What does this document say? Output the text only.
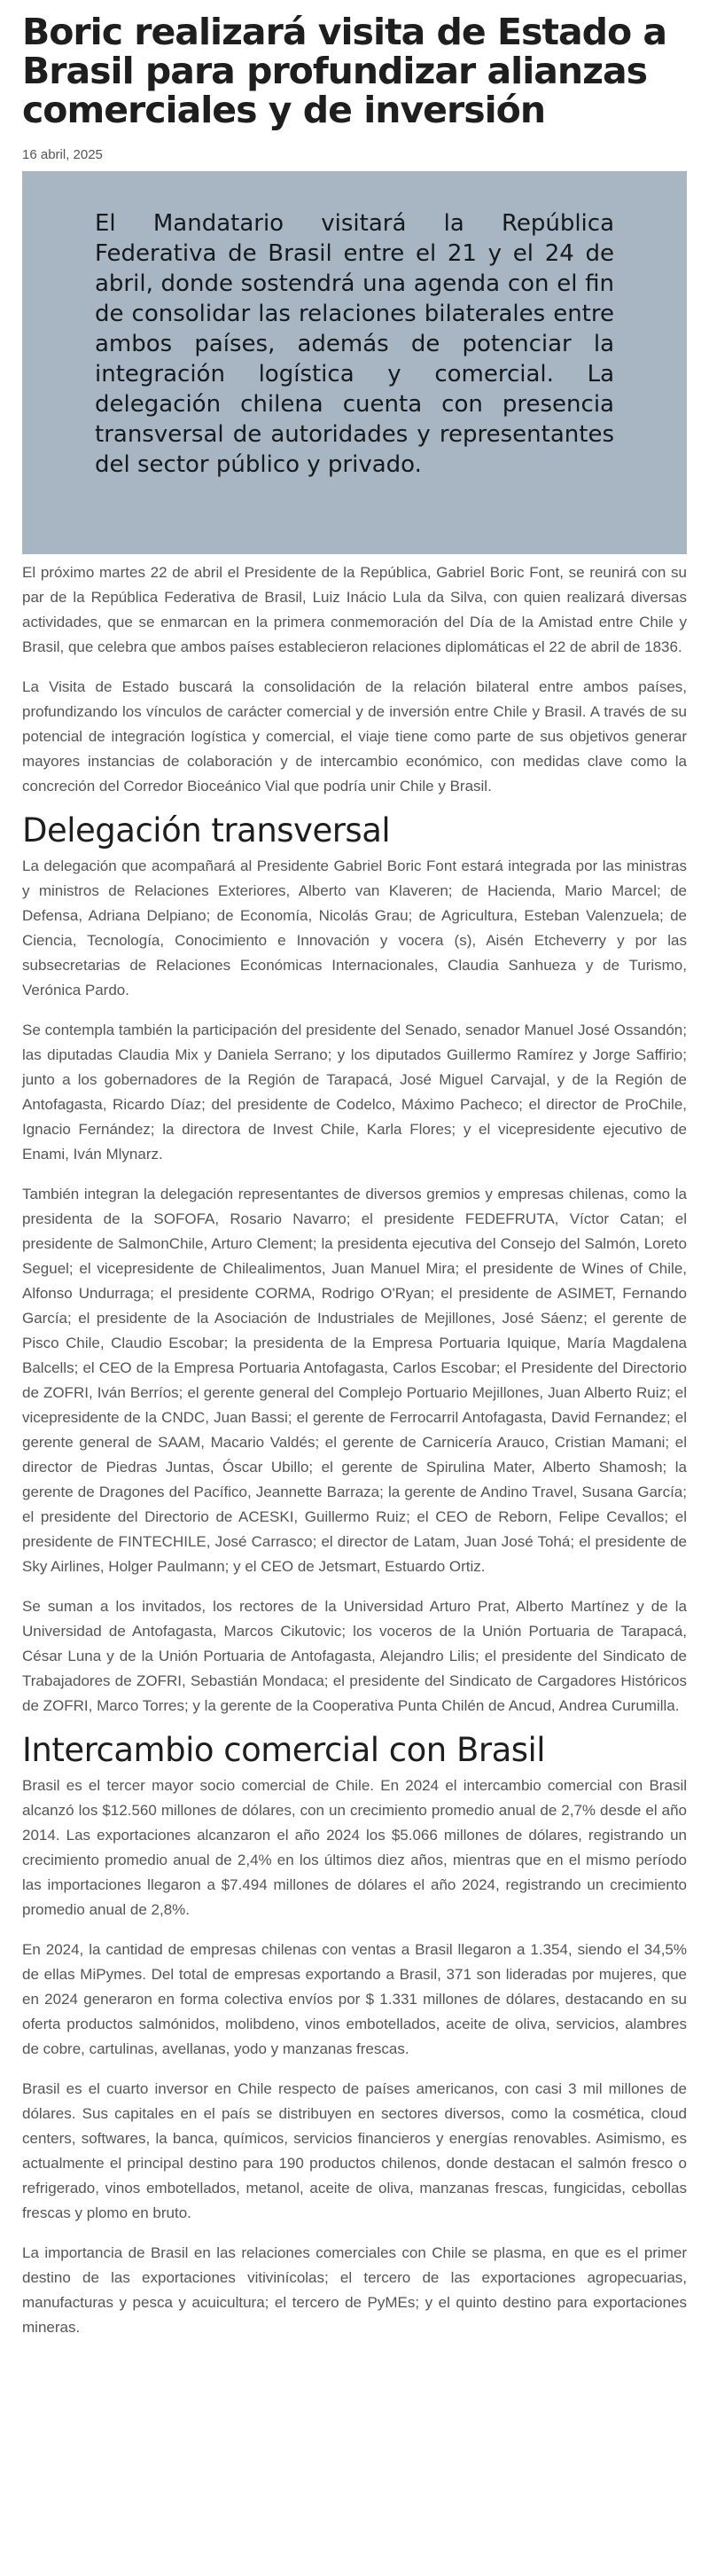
Boric realizará visita de Estado a Brasil para profundizar alianzas comerciales y de inversión
16 abril, 2025

El Mandatario visitará la República Federativa de Brasil entre el 21 y el 24 de abril, donde sostendrá una agenda con el fin de consolidar las relaciones bilaterales entre ambos países, además de potenciar la integración logística y comercial. La delegación chilena cuenta con presencia transversal de autoridades y representantes del sector público y privado.

El próximo martes 22 de abril el Presidente de la República, Gabriel Boric Font, se reunirá con su par de la República Federativa de Brasil, Luiz Inácio Lula da Silva, con quien realizará diversas actividades, que se enmarcan en la primera conmemoración del Día de la Amistad entre Chile y Brasil, que celebra que ambos países establecieron relaciones diplomáticas el 22 de abril de 1836.

La Visita de Estado buscará la consolidación de la relación bilateral entre ambos países, profundizando los vínculos de carácter comercial y de inversión entre Chile y Brasil. A través de su potencial de integración logística y comercial, el viaje tiene como parte de sus objetivos generar mayores instancias de colaboración y de intercambio económico, con medidas clave como la concreción del Corredor Bioceánico Vial que podría unir Chile y Brasil.

Delegación transversal

La delegación que acompañará al Presidente Gabriel Boric Font estará integrada por las ministras y ministros de Relaciones Exteriores, Alberto van Klaveren; de Hacienda, Mario Marcel; de Defensa, Adriana Delpiano; de Economía, Nicolás Grau; de Agricultura, Esteban Valenzuela; de Ciencia, Tecnología, Conocimiento e Innovación y vocera (s), Aisén Etcheverry y por las subsecretarias de Relaciones Económicas Internacionales, Claudia Sanhueza y de Turismo, Verónica Pardo.

Se contempla también la participación del presidente del Senado, senador Manuel José Ossandón; las diputadas Claudia Mix y Daniela Serrano; y los diputados Guillermo Ramírez y Jorge Saffirio; junto a los gobernadores de la Región de Tarapacá, José Miguel Carvajal, y de la Región de Antofagasta, Ricardo Díaz; del presidente de Codelco, Máximo Pacheco; el director de ProChile, Ignacio Fernández; la directora de Invest Chile, Karla Flores; y el vicepresidente ejecutivo de Enami, Iván Mlynarz.

También integran la delegación representantes de diversos gremios y empresas chilenas, como la presidenta de la SOFOFA, Rosario Navarro; el presidente FEDEFRUTA, Víctor Catan; el presidente de SalmonChile, Arturo Clement; la presidenta ejecutiva del Consejo del Salmón, Loreto Seguel; el vicepresidente de Chilealimentos, Juan Manuel Mira; el presidente de Wines of Chile, Alfonso Undurraga; el presidente CORMA, Rodrigo O'Ryan; el presidente de ASIMET, Fernando García; el presidente de la Asociación de Industriales de Mejillones, José Sáenz; el gerente de Pisco Chile, Claudio Escobar; la presidenta de la Empresa Portuaria Iquique, María Magdalena Balcells; el CEO de la Empresa Portuaria Antofagasta, Carlos Escobar; el Presidente del Directorio de ZOFRI, Iván Berríos; el gerente general del Complejo Portuario Mejillones, Juan Alberto Ruiz; el vicepresidente de la CNDC, Juan Bassi; el gerente de Ferrocarril Antofagasta, David Fernandez; el gerente general de SAAM, Macario Valdés; el gerente de Carnicería Arauco, Cristian Mamani; el director de Piedras Juntas, Óscar Ubillo; el gerente de Spirulina Mater, Alberto Shamosh; la gerente de Dragones del Pacífico, Jeannette Barraza; la gerente de Andino Travel, Susana García; el presidente del Directorio de ACESKI, Guillermo Ruiz; el CEO de Reborn, Felipe Cevallos; el presidente de FINTECHILE, José Carrasco; el director de Latam, Juan José Tohá; el presidente de Sky Airlines, Holger Paulmann; y el CEO de Jetsmart, Estuardo Ortiz.

Se suman a los invitados, los rectores de la Universidad Arturo Prat, Alberto Martínez y de la Universidad de Antofagasta, Marcos Cikutovic; los voceros de la Unión Portuaria de Tarapacá, César Luna y de la Unión Portuaria de Antofagasta, Alejandro Lilis; el presidente del Sindicato de Trabajadores de ZOFRI, Sebastián Mondaca; el presidente del Sindicato de Cargadores Históricos de ZOFRI, Marco Torres; y la gerente de la Cooperativa Punta Chilén de Ancud, Andrea Curumilla.

Intercambio comercial con Brasil

Brasil es el tercer mayor socio comercial de Chile. En 2024 el intercambio comercial con Brasil alcanzó los $12.560 millones de dólares, con un crecimiento promedio anual de 2,7% desde el año 2014. Las exportaciones alcanzaron el año 2024 los $5.066 millones de dólares, registrando un crecimiento promedio anual de 2,4% en los últimos diez años, mientras que en el mismo período las importaciones llegaron a $7.494 millones de dólares el año 2024, registrando un crecimiento promedio anual de 2,8%.

En 2024, la cantidad de empresas chilenas con ventas a Brasil llegaron a 1.354, siendo el 34,5% de ellas MiPymes. Del total de empresas exportando a Brasil, 371 son lideradas por mujeres, que en 2024 generaron en forma colectiva envíos por $ 1.331 millones de dólares, destacando en su oferta productos salmónidos, molibdeno, vinos embotellados, aceite de oliva, servicios, alambres de cobre, cartulinas, avellanas, yodo y manzanas frescas.

Brasil es el cuarto inversor en Chile respecto de países americanos, con casi 3 mil millones de dólares. Sus capitales en el país se distribuyen en sectores diversos, como la cosmética, cloud centers, softwares, la banca, químicos, servicios financieros y energías renovables. Asimismo, es actualmente el principal destino para 190 productos chilenos, donde destacan el salmón fresco o refrigerado, vinos embotellados, metanol, aceite de oliva, manzanas frescas, fungicidas, cebollas frescas y plomo en bruto.

La importancia de Brasil en las relaciones comerciales con Chile se plasma, en que es el primer destino de las exportaciones vitivinícolas; el tercero de las exportaciones agropecuarias, manufacturas y pesca y acuicultura; el tercero de PyMEs; y el quinto destino para exportaciones mineras.
